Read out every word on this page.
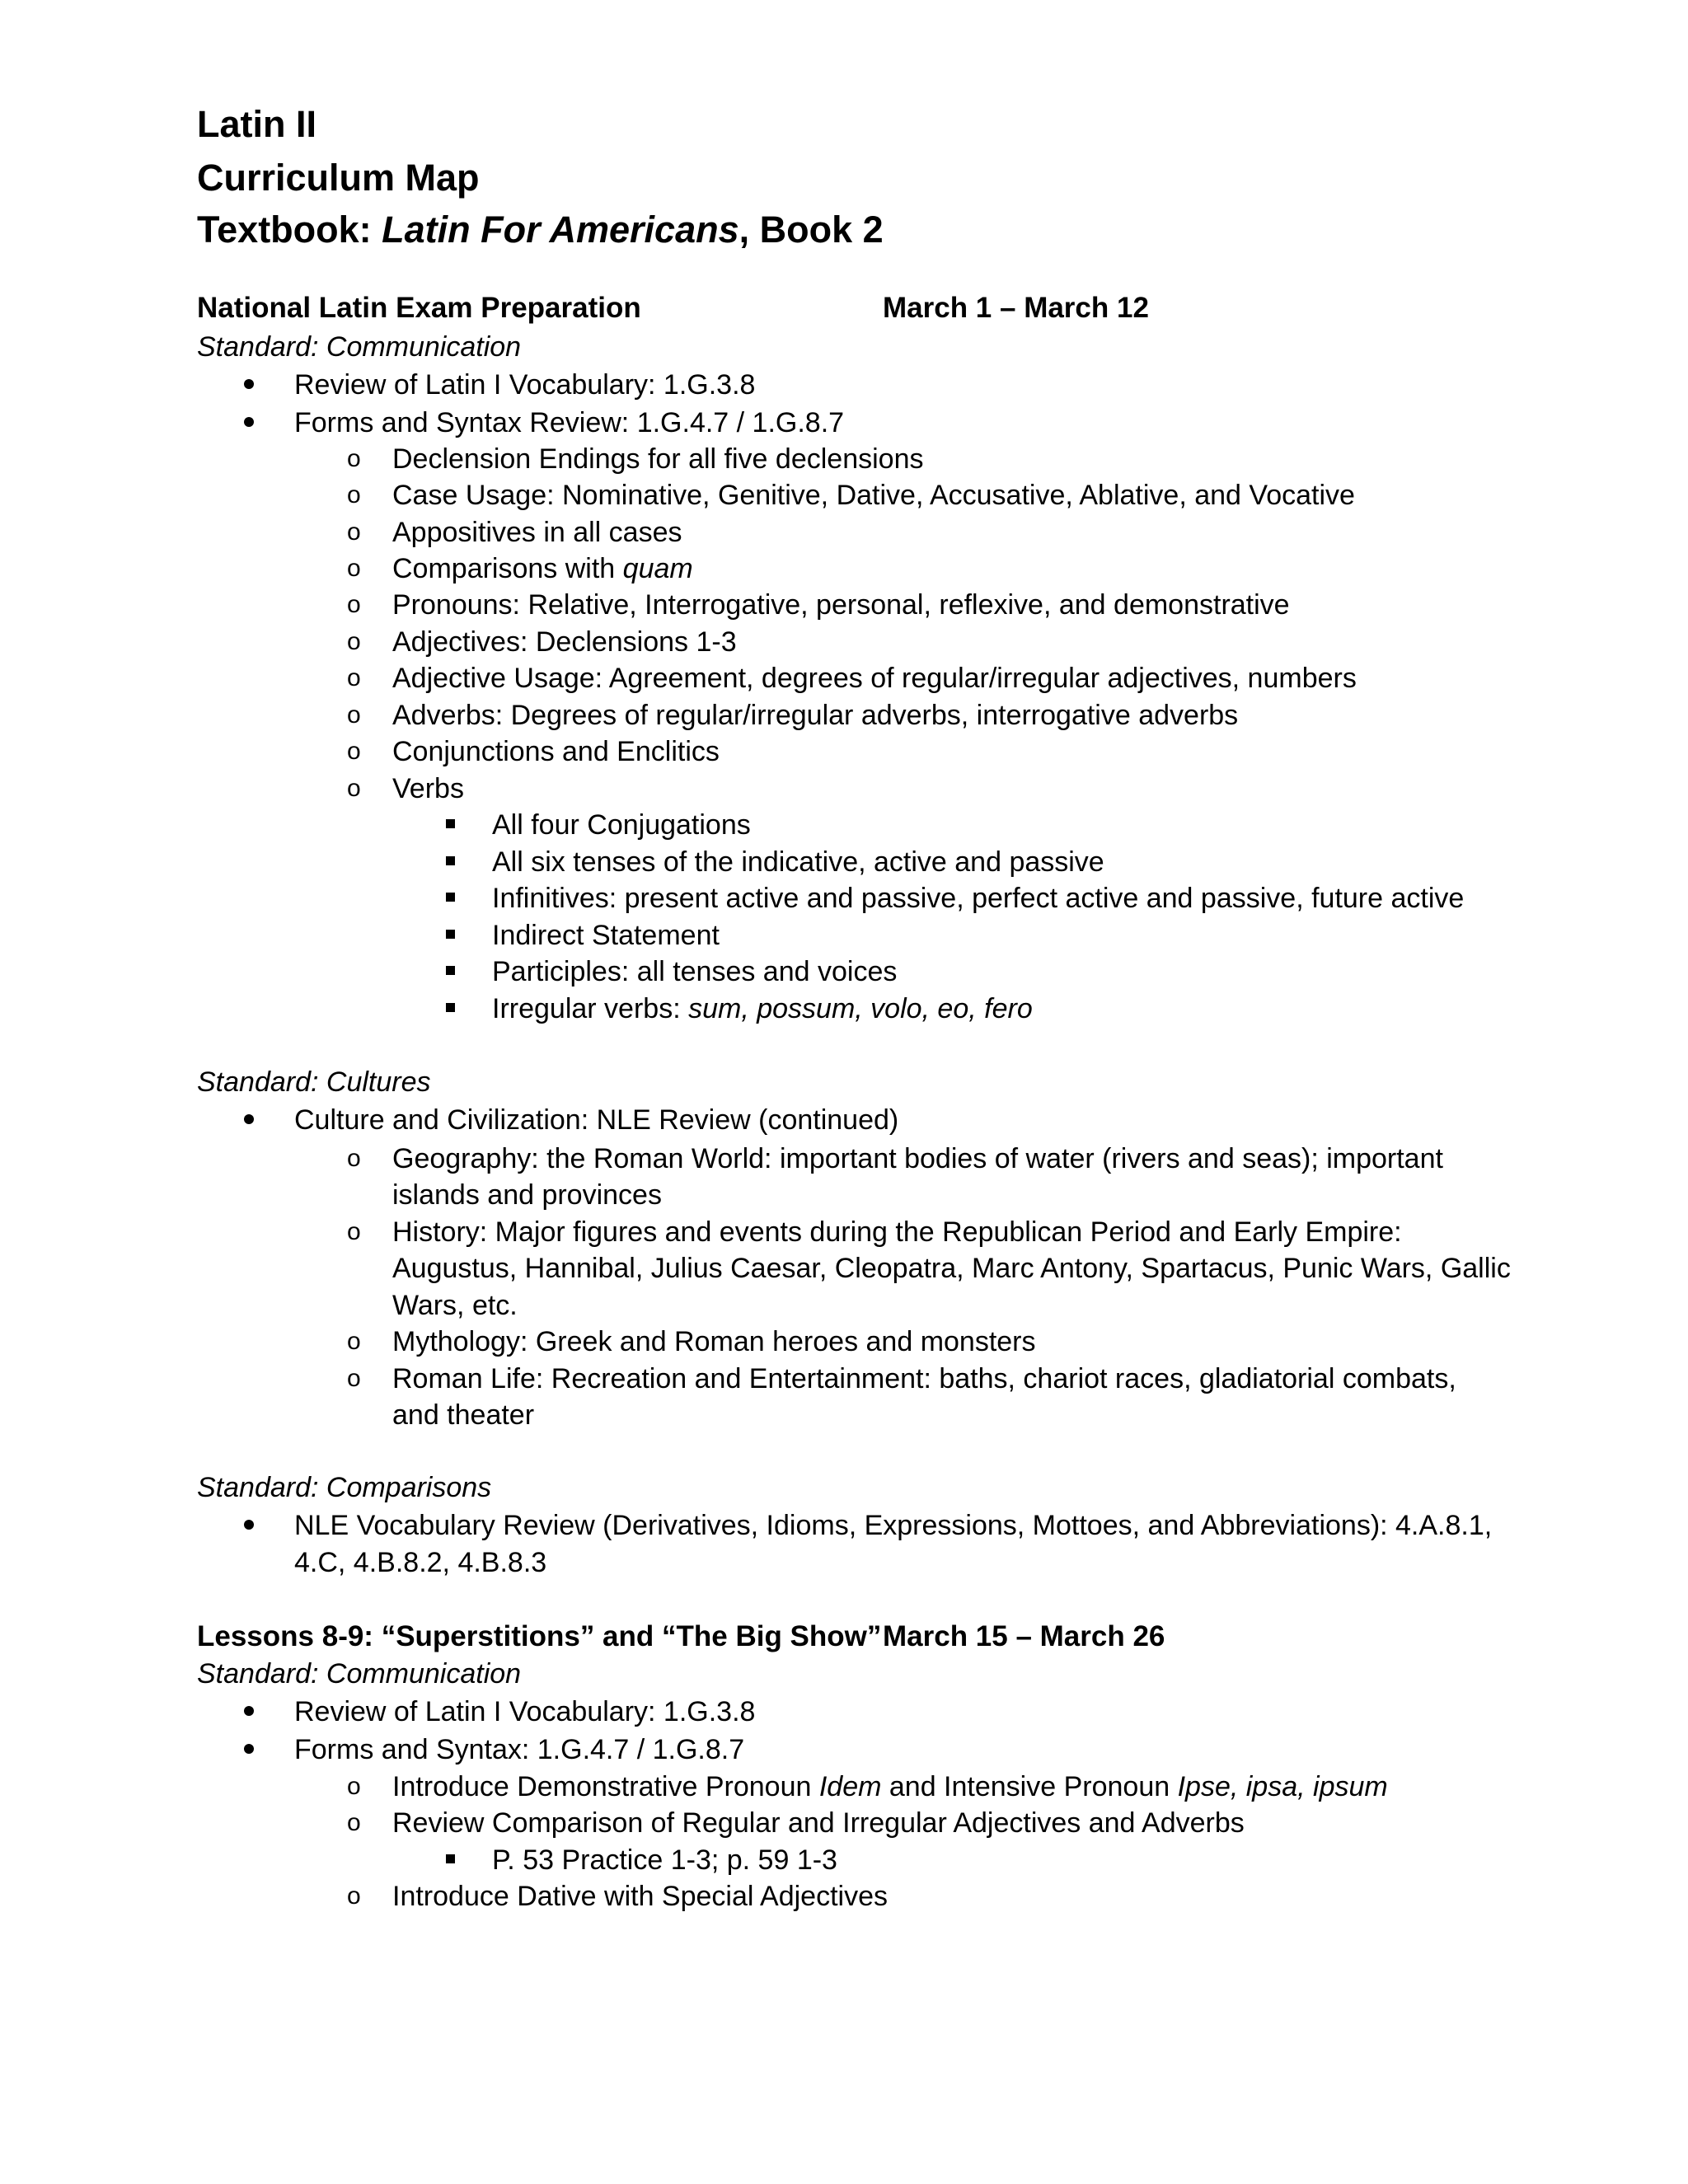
Latin II
Curriculum Map
Textbook: Latin For Americans, Book 2
National Latin Exam Preparation	March 1 – March 12
Standard: Communication
Review of Latin I Vocabulary: 1.G.3.8
Forms and Syntax Review: 1.G.4.7 / 1.G.8.7
o Declension Endings for all five declensions
o Case Usage: Nominative, Genitive, Dative, Accusative, Ablative, and Vocative
o Appositives in all cases
o Comparisons with quam
o Pronouns: Relative, Interrogative, personal, reflexive, and demonstrative
o Adjectives: Declensions 1-3
o Adjective Usage: Agreement, degrees of regular/irregular adjectives, numbers
o Adverbs: Degrees of regular/irregular adverbs, interrogative adverbs
o Conjunctions and Enclitics
o Verbs
All four Conjugations
All six tenses of the indicative, active and passive
Infinitives: present active and passive, perfect active and passive, future active
Indirect Statement
Participles: all tenses and voices
Irregular verbs: sum, possum, volo, eo, fero
Standard: Cultures
Culture and Civilization: NLE Review (continued)
o Geography: the Roman World: important bodies of water (rivers and seas); important
islands and provinces
o History: Major figures and events during the Republican Period and Early Empire:
Augustus, Hannibal, Julius Caesar, Cleopatra, Marc Antony, Spartacus, Punic Wars, Gallic
Wars, etc.
o Mythology: Greek and Roman heroes and monsters
o Roman Life: Recreation and Entertainment: baths, chariot races, gladiatorial combats,
and theater
Standard: Comparisons
NLE Vocabulary Review (Derivatives, Idioms, Expressions, Mottoes, and Abbreviations): 4.A.8.1,
4.C, 4.B.8.2, 4.B.8.3
Lessons 8-9: “Superstitions” and “The Big Show” March 15 – March 26
Standard: Communication
Review of Latin I Vocabulary: 1.G.3.8
Forms and Syntax: 1.G.4.7 / 1.G.8.7
o Introduce Demonstrative Pronoun Idem and Intensive Pronoun Ipse, ipsa, ipsum
o Review Comparison of Regular and Irregular Adjectives and Adverbs
P. 53 Practice 1-3; p. 59 1-3
o Introduce Dative with Special Adjectives
